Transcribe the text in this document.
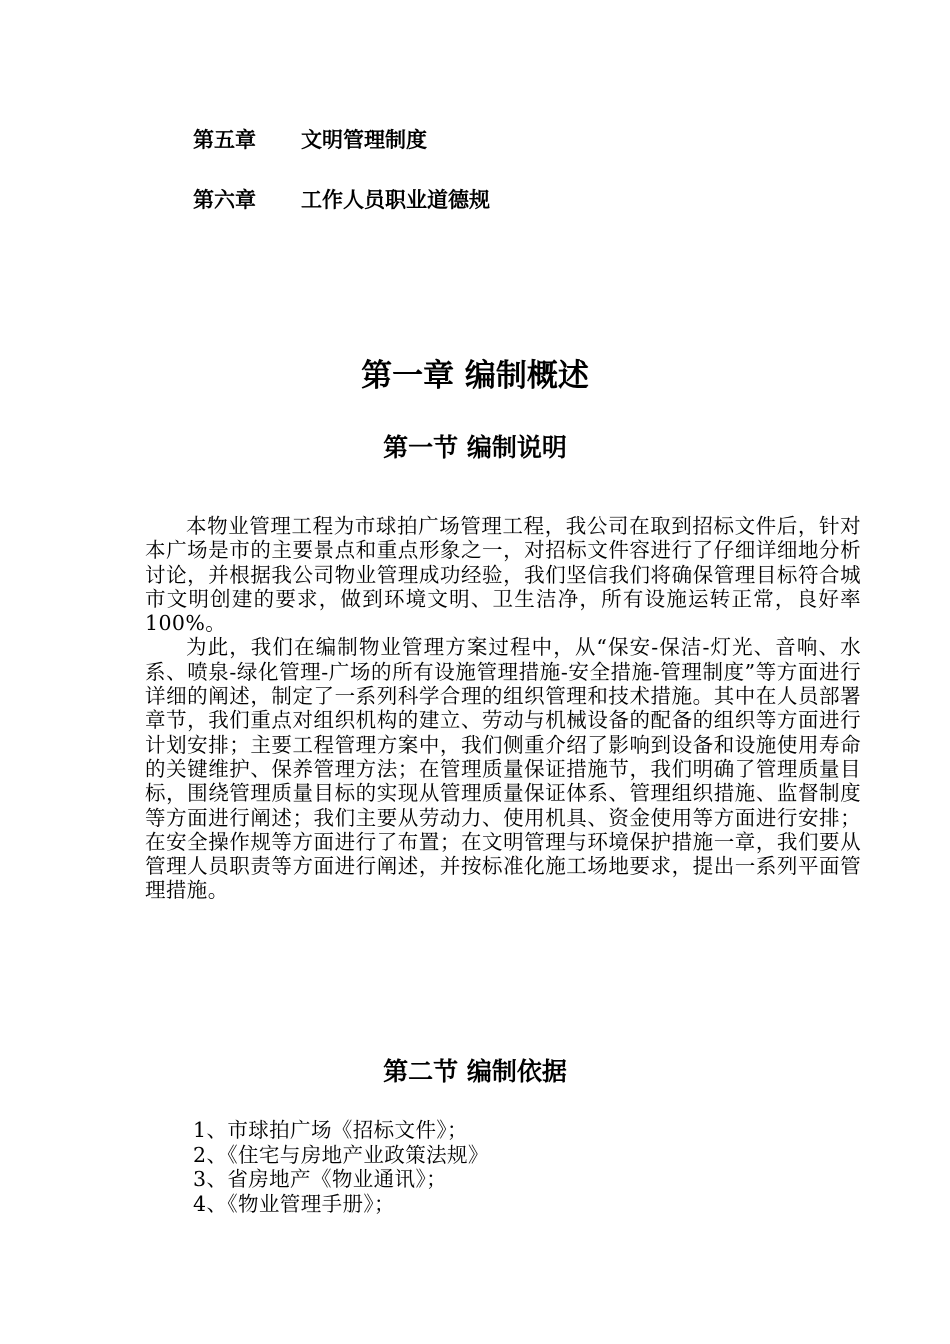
第五章 文明管理制度
第六章 工作人员职业道德规
第一章 编制概述
第一节 编制说明

本物业管理工程为市球拍广场管理工程，我公司在取到招标文件后，针对本广场是市的主要景点和重点形象之一，对招标文件容进行了仔细详细地分析讨论，并根据我公司物业管理成功经验，我们坚信我们将确保管理目标符合城市文明创建的要求，做到环境文明、卫生洁净，所有设施运转正常，良好率100%。

为此，我们在编制物业管理方案过程中，从“保安-保洁-灯光、音响、水系、喷泉-绿化管理-广场的所有设施管理措施-安全措施-管理制度”等方面进行详细的阐述，制定了一系列科学合理的组织管理和技术措施。其中在人员部署章节，我们重点对组织机构的建立、劳动与机械设备的配备的组织等方面进行计划安排；主要工程管理方案中，我们侧重介绍了影响到设备和设施使用寿命的关键维护、保养管理方法；在管理质量保证措施节，我们明确了管理质量目标，围绕管理质量目标的实现从管理质量保证体系、管理组织措施、监督制度等方面进行阐述；我们主要从劳动力、使用机具、资金使用等方面进行安排；在安全操作规等方面进行了布置；在文明管理与环境保护措施一章，我们要从管理人员职责等方面进行阐述，并按标准化施工场地要求，提出一系列平面管理措施。

第二节 编制依据
1、市球拍广场《招标文件》；
2、《住宅与房地产业政策法规》
3、省房地产《物业通讯》；
4、《物业管理手册》；
